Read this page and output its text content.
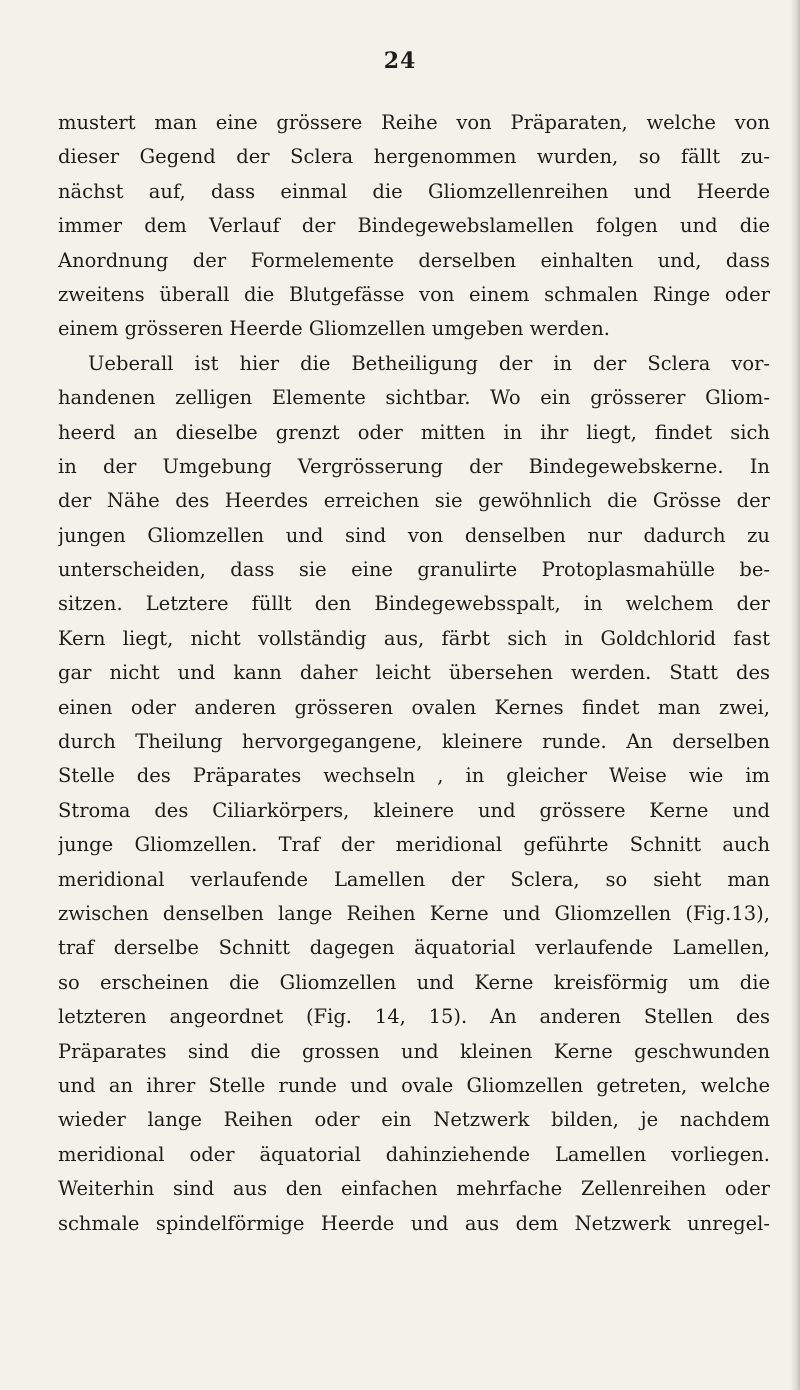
24
mustert man eine grössere Reihe von Präparaten, welche von
dieser Gegend der Sclera hergenommen wurden, so fällt zu-
nächst auf, dass einmal die Gliomzellenreihen und Heerde
immer dem Verlauf der Bindegewebslamellen folgen und die
Anordnung der Formelemente derselben einhalten und, dass
zweitens überall die Blutgefässe von einem schmalen Ringe oder
einem grösseren Heerde Gliomzellen umgeben werden.
Ueberall ist hier die Betheiligung der in der Sclera vor-
handenen zelligen Elemente sichtbar. Wo ein grösserer Gliom-
heerd an dieselbe grenzt oder mitten in ihr liegt, findet sich
in der Umgebung Vergrösserung der Bindegewebskerne. In
der Nähe des Heerdes erreichen sie gewöhnlich die Grösse der
jungen Gliomzellen und sind von denselben nur dadurch zu
unterscheiden, dass sie eine granulirte Protoplasmahülle be-
sitzen. Letztere füllt den Bindegewebsspalt, in welchem der
Kern liegt, nicht vollständig aus, färbt sich in Goldchlorid fast
gar nicht und kann daher leicht übersehen werden. Statt des
einen oder anderen grösseren ovalen Kernes findet man zwei,
durch Theilung hervorgegangene, kleinere runde. An derselben
Stelle des Präparates wechseln , in gleicher Weise wie im
Stroma des Ciliarkörpers, kleinere und grössere Kerne und
junge Gliomzellen. Traf der meridional geführte Schnitt auch
meridional verlaufende Lamellen der Sclera, so sieht man
zwischen denselben lange Reihen Kerne und Gliomzellen (Fig.13),
traf derselbe Schnitt dagegen äquatorial verlaufende Lamellen,
so erscheinen die Gliomzellen und Kerne kreisförmig um die
letzteren angeordnet (Fig. 14, 15). An anderen Stellen des
Präparates sind die grossen und kleinen Kerne geschwunden
und an ihrer Stelle runde und ovale Gliomzellen getreten, welche
wieder lange Reihen oder ein Netzwerk bilden, je nachdem
meridional oder äquatorial dahinziehende Lamellen vorliegen.
Weiterhin sind aus den einfachen mehrfache Zellenreihen oder
schmale spindelförmige Heerde und aus dem Netzwerk unregel-
